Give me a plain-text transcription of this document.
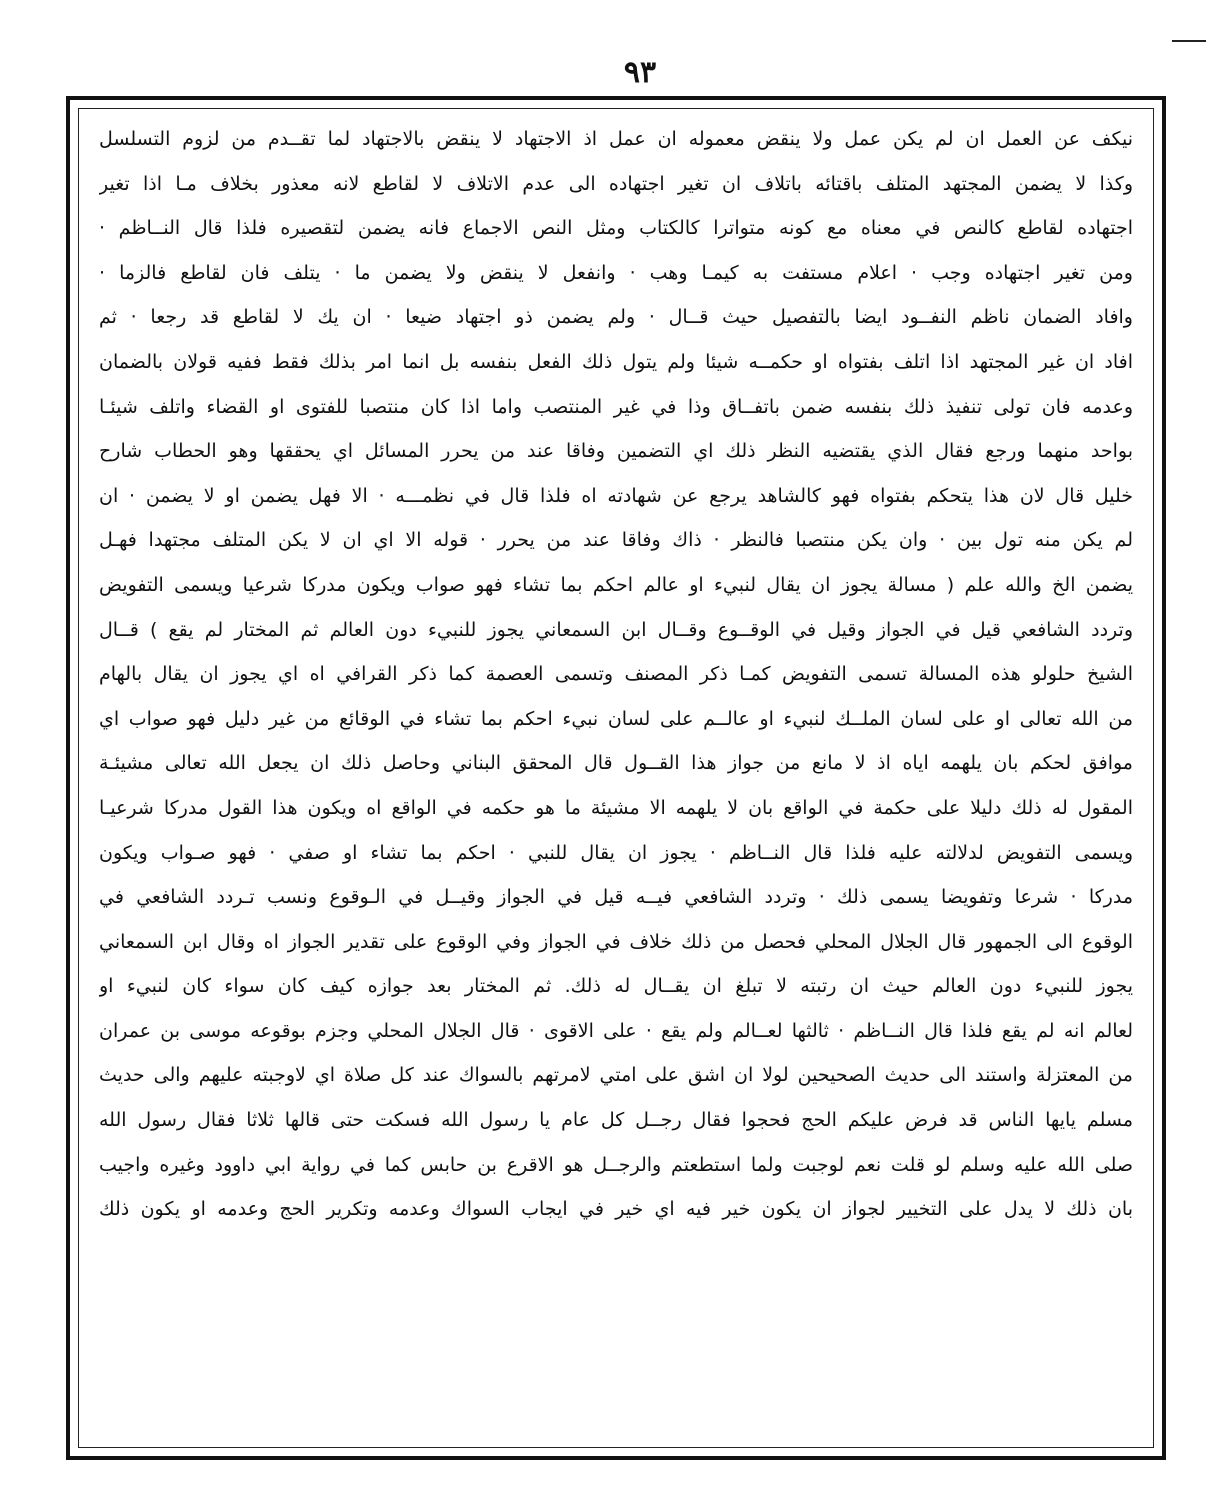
٩٣
نيكف عن العمل ان لم يكن عمل ولا ينقض معموله ان عمل اذ الاجتهاد لا ينقض بالاجتهاد لما تقــدم من لزوم التسلسل
وكذا لا يضمن المجتهد المتلف باقتائه باتلاف ان تغير اجتهاده الى عدم الاتلاف لا لقاطع لانه معذور بخلاف مـا اذا تغير
اجتهاده لقاطع كالنص في معناه مع كونه متواترا كالكتاب ومثل النص الاجماع فانه يضمن لتقصيره فلذا قال النــاظم ·
ومن تغير اجتهاده وجب · اعلام مستفت به كيمـا وهب · وانفعل لا ينقض ولا يضمن ما · يتلف فان لقاطع فالزما ·
وافاد الضمان ناظم النفــود ايضا بالتفصيل حيث قــال · ولم يضمن ذو اجتهاد ضيعا · ان يك لا لقاطع قد رجعا · ثم
افاد ان غير المجتهد اذا اتلف بفتواه او حكمــه شيئا ولم يتول ذلك الفعل بنفسه بل انما امر بذلك فقط ففيه قولان بالضمان
وعدمه فان تولى تنفيذ ذلك بنفسه ضمن باتفــاق وذا في غير المنتصب واما اذا كان منتصبا للفتوى او القضاء واتلف شيئـا
بواحد منهما ورجع فقال الذي يقتضيه النظر ذلك اي التضمين وفاقا عند من يحرر المسائل اي يحققها وهو الحطاب شارح
خليل قال لان هذا يتحكم بفتواه فهو كالشاهد يرجع عن شهادته اه فلذا قال في نظمـــه · الا فهل يضمن او لا يضمن · ان
لم يكن منه تول بين · وان يكن منتصبا فالنظر · ذاك وفاقا عند من يحرر · قوله الا اي ان لا يكن المتلف مجتهدا فهـل
يضمن الخ والله علم ( مسالة يجوز ان يقال لنبيء او عالم احكم بما تشاء فهو صواب ويكون مدركا شرعيا ويسمى التفويض
وتردد الشافعي قيل في الجواز وقيل في الوقــوع وقــال ابن السمعاني يجوز للنبيء دون العالم ثم المختار لم يقع ) قــال
الشيخ حلولو هذه المسالة تسمى التفويض كمـا ذكر المصنف وتسمى العصمة كما ذكر القرافي اه اي يجوز ان يقال بالهام
من الله تعالى او على لسان الملــك لنبيء او عالــم على لسان نبيء احكم بما تشاء في الوقائع من غير دليل فهو صواب اي
موافق لحكم بان يلهمه اياه اذ لا مانع من جواز هذا القــول قال المحقق البناني وحاصل ذلك ان يجعل الله تعالى مشيئـة
المقول له ذلك دليلا على حكمة في الواقع بان لا يلهمه الا مشيئة ما هو حكمه في الواقع اه ويكون هذا القول مدركا شرعيـا
ويسمى التفويض لدلالته عليه فلذا قال النــاظم · يجوز ان يقال للنبي · احكم بما تشاء او صفي · فهو صـواب ويكون
مدركا · شرعا وتفويضا يسمى ذلك · وتردد الشافعي فيــه قيل في الجواز وقيــل في الـوقوع ونسب تـردد الشافعي في
الوقوع الى الجمهور قال الجلال المحلي فحصل من ذلك خلاف في الجواز وفي الوقوع على تقدير الجواز اه وقال ابن السمعاني
يجوز للنبيء دون العالم حيث ان رتبته لا تبلغ ان يقــال له ذلك. ثم المختار بعد جوازه كيف كان سواء كان لنبيء او
لعالم انه لم يقع فلذا قال النــاظم · ثالثها لعــالم ولم يقع · على الاقوى · قال الجلال المحلي وجزم بوقوعه موسى بن عمران
من المعتزلة واستند الى حديث الصحيحين لولا ان اشق على امتي لامرتهم بالسواك عند كل صلاة اي لاوجبته عليهم والى حديث
مسلم يايها الناس قد فرض عليكم الحج فحجوا فقال رجــل كل عام يا رسول الله فسكت حتى قالها ثلاثا فقال رسول الله
صلى الله عليه وسلم لو قلت نعم لوجبت ولما استطعتم والرجــل هو الاقرع بن حابس كما في رواية ابي داوود وغيره واجيب
بان ذلك لا يدل على التخيير لجواز ان يكون خير فيه اي خير في ايجاب السواك وعدمه وتكرير الحج وعدمه او يكون ذلك
